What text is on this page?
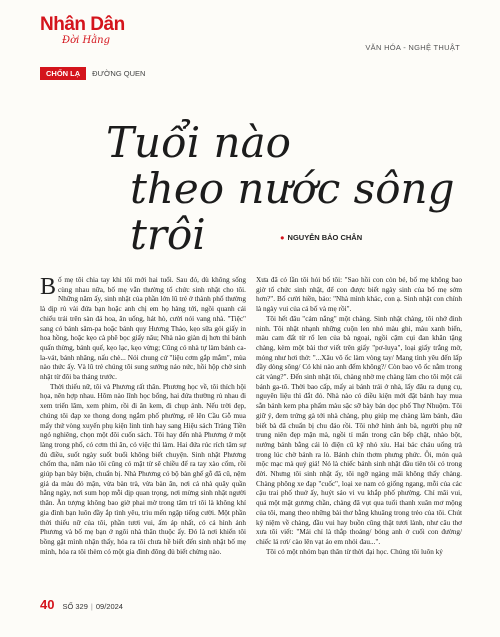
Nhân Dân
Đời Hằng
VĂN HÓA - NGHỆ THUẬT
CHỐN LẠ	ĐƯỜNG QUEN
Tuổi nào
theo nước sông trôi	● NGUYỄN BẢO CHÂN

Bố mẹ tôi chia tay khi tôi mới hai tuổi. Sau đó, dù không sống cùng nhau nữa, bố mẹ vẫn thường tổ chức sinh nhật cho tôi. Những năm ấy, sinh nhật của phần lớn lũ trẻ ở thành phố thường là dịp rủ vài đứa bạn hoặc anh chị em họ hàng tới, ngồi quanh cái chiếu trải trên sàn đá hoa, ăn uống, hát hò, cười nói vang nhà. "Tiệc" sang có bánh sâm-pa hoặc bánh quy Hương Thảo, kẹo sữa gói giấy in hoa hồng, hoặc kẹo cà phê bọc giấy nâu; Nhà nào giàn dị hơn thì bánh quấn thừng, bánh quế, kẹo lạc, kẹo vừng; Cũng có nhà tự làm bánh ca-la-vát, bánh nhãng, nấu chè... Nói chung cứ "liệu cơm gắp mắm", mùa nào thức ấy. Và lũ trẻ chúng tôi sung sướng náo nức, hồi hộp chờ sinh nhật từ đôi ba tháng trước.

Thời thiếu nữ, tôi và Phương rất thân. Phương học về, tôi thích hội họa, nên hợp nhau. Hôm nào lĩnh học bổng, hai đứa thường rủ nhau đi xem triển lãm, xem phim, rồi đi ăn kem, đi chụp ảnh. Nếu trời đẹp, chúng tôi đạp xe thong dong ngắm phố phường, rẽ lên Cầu Gỗ mua mấy thứ vòng xuyến phụ kiện linh tinh hay sang Hiệu sách Tràng Tiền ngó nghiêng, chọn một đôi cuốn sách. Tôi hay đến nhà Phương ở một làng trong phố, có cơm thì ăn, có việc thì làm. Hai đứa rúc rích tâm sự đủ điều, suốt ngày suốt buổi không biết chuyện. Sinh nhật Phương chốm tha, năm nào tôi cũng có mặt từ sẽ chiều để ra tay xào cốm, rồi giúp bạn bày biện, chuẩn bị. Nhà Phương có bộ bàn ghế gỗ đã cũ, nệm giả da màu đỏ mận, vừa bàn trà, vừa bàn ăn, nơi cả nhà quây quần hằng ngày, nơi sum họp mỗi dịp quan trọng, nơi mừng sinh nhật người thân. Ăn tượng không bao giờ phai mờ trong tâm trí tôi là không khí gia đình bạn luôn đầy ắp tình yêu, trìu mến ngập tiếng cười. Một phần thời thiếu nữ của tôi, phần tươi vui, ấm áp nhất, có cả hình ảnh Phương và bố mẹ bạn ở ngôi nhà thân thuộc ấy. Đó là nơi khiến tôi bồng gặt mình nhận thấy, hóa ra tôi chưa hề biết đến sinh nhật bố mẹ mình, hóa ra tôi thèm có một gia đình đông đủ biết chừng nào.

Xưa đã có lần tôi hỏi bố tôi: "Sao hồi con còn bé, bố mẹ không bao giờ tổ chức sinh nhật, để con được biết ngày sinh của bố mẹ sớm hơn?". Bố cười hiền, bảo: "Nhà mình khác, con ạ. Sinh nhật con chính là ngày vui của cả bố và mẹ rồi".

Tôi hết đâu "cảm nắng" một chàng. Sinh nhật chàng, tôi nhớ đinh ninh. Tôi nhặt nhạnh những cuộn len nhỏ màu ghi, màu xanh biển, màu cam đất từ rổ len của bà ngoại, ngồi cặm cụi đan khăn tặng chàng, kèm một bài thơ viết trên giấy "pơ-luya", loại giấy trắng mờ, mỏng như hơi thở: "...Xâu vô ốc làm vòng tay/ Mang tình yêu đến lấp đầy dòng sông/ Có khi nào anh đếm không?/ Còn bao vô ốc nằm trong cát vàng?". Đến sinh nhật tôi, chàng nhờ mẹ chàng làm cho tôi một cái bánh ga-tô. Thời bao cấp, mấy ai bánh trái ở nhà, lấy đâu ra dụng cụ, nguyên liệu thì đắt đỏ. Nhà nào có điều kiện mới đặt bánh hay mua sẵn bánh kem pha phẩm màu sặc sỡ bày bán dọc phố Thợ Nhuộm. Tôi giữ ý, đem trứng gà tới nhà chàng, phụ giúp mẹ chàng làm bánh, đâu biết bà đã chuẩn bị chu đáo rồi. Tôi nhớ hình ảnh bà, người phụ nữ trung niên đẹp mặn mà, ngồi tỉ mẩn trong căn bếp chật, nhào bột, nướng bánh bằng cái lò điện cũ kỹ nhỏ xíu. Hai bác cháu uống trà trong lúc chờ bánh ra lò. Bánh chín thơm phưng phức. Ôi, món quà mộc mạc mà quý giá! Nó là chiếc bánh sinh nhật đầu tiên tôi có trong đời. Nhưng tôi sinh nhật ấy, tôi ngỡ ngàng mãi không thấy chàng. Chàng phông xe đạp "cuốc", loại xe nam có giống ngang, mỗi của các cậu trai phố thuở ấy, huýt sáo vi vu khắp phố phường. Chỉ mãi vui, quá một mặt gương chần, chàng đã vụt qua tuổi thanh xuân mơ mộng của tôi, mang theo những bài thơ bằng khuâng trong trẻo của tôi. Chút ký niệm về chàng, đầu vui hay buồn cũng thật tươi lành, như câu thơ xưa tôi viết: "Mái chỉ là thắp thoáng/ bóng anh ở cuối con đường/ chiếc lá rơi/ cào lên vạt áo em nhói đau...".

Tôi có một nhóm bạn thân từ thời đại học. Chúng tôi luôn kỷ

40 SỐ 329 | 09/2024
